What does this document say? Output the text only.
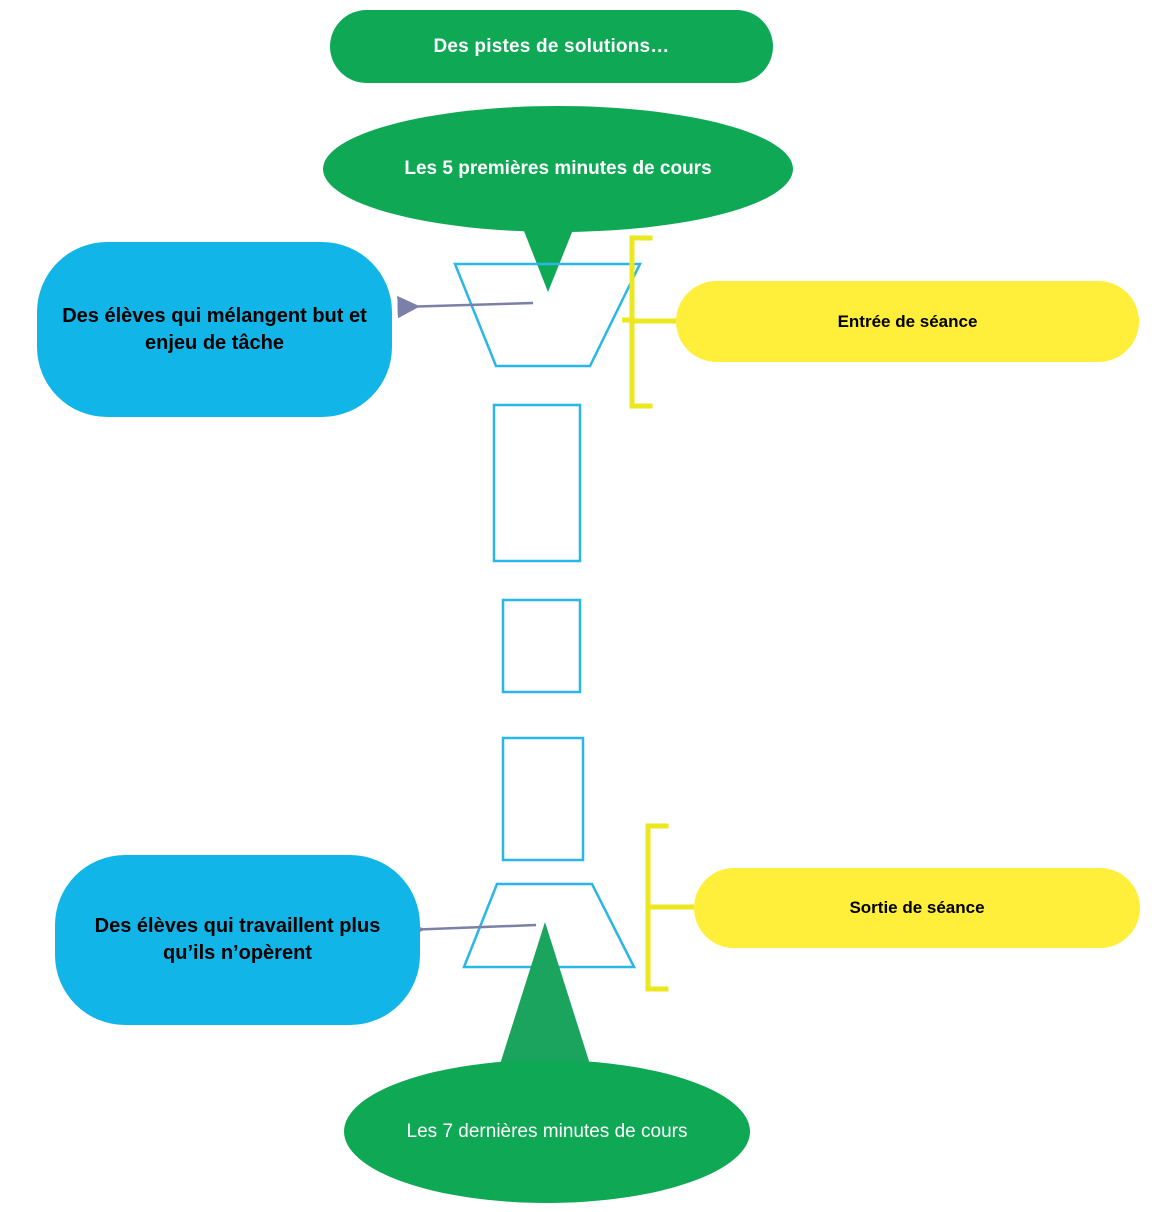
Des pistes de solutions…
Les 5 premières minutes de cours
Des élèves qui mélangent but et enjeu de tâche
Entrée de séance
Des élèves qui travaillent plus qu’ils n’opèrent
Sortie de séance
Les 7 dernières minutes de cours
